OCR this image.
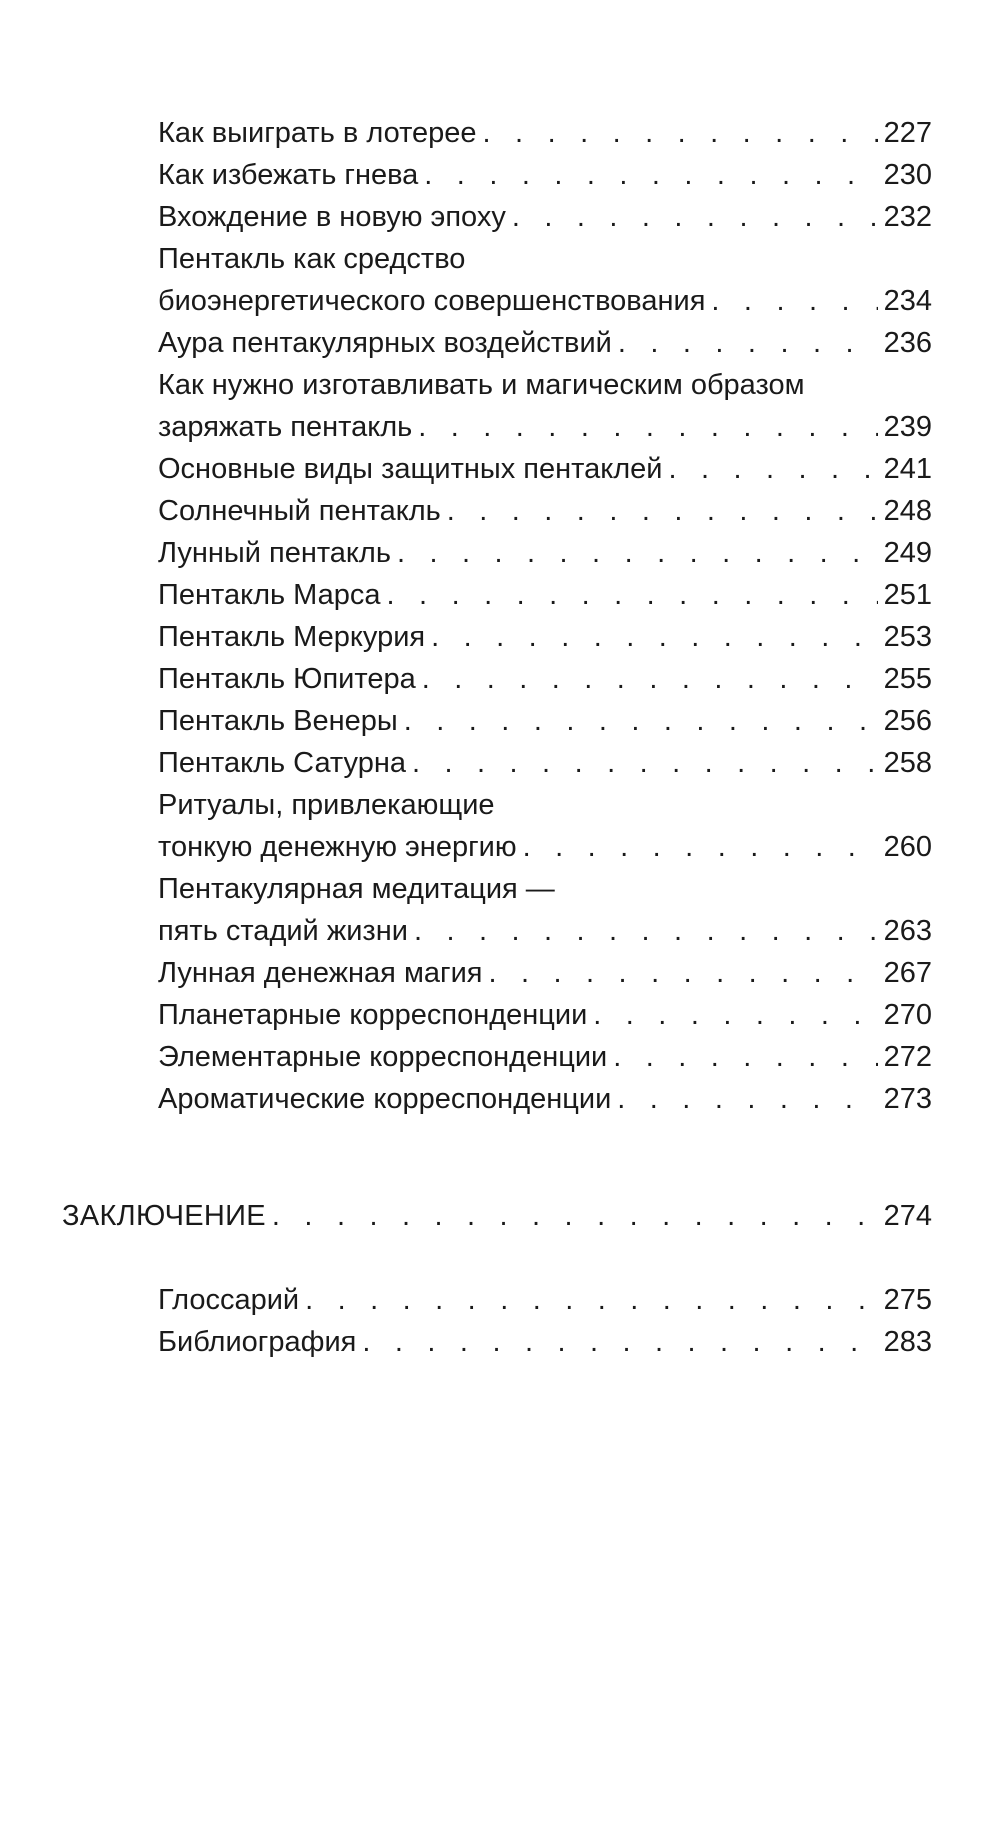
Как выиграть в лотерее . . .	227
Как избежать гнева . . .	230
Вхождение в новую эпоху . . .	232
Пентакль как средство
биоэнергетического совершенствования . . .	234
Аура пентакулярных воздействий . . .	236
Как нужно изготавливать и магическим образом
заряжать пентакль . . .	239
Основные виды защитных пентаклей . . .	241
Солнечный пентакль . . .	248
Лунный пентакль . . .	249
Пентакль Марса . . .	251
Пентакль Меркурия . . .	253
Пентакль Юпитера . . .	255
Пентакль Венеры . . .	256
Пентакль Сатурна . . .	258
Ритуалы, привлекающие
тонкую денежную энергию . . .	260
Пентакулярная медитация —
пять стадий жизни . . .	263
Лунная денежная магия . . .	267
Планетарные корреспонденции . . .	270
Элементарные корреспонденции . . .	272
Ароматические корреспонденции . . .	273
ЗАКЛЮЧЕНИЕ . . .	274
Глоссарий . . .	275
Библиография . . .	283
